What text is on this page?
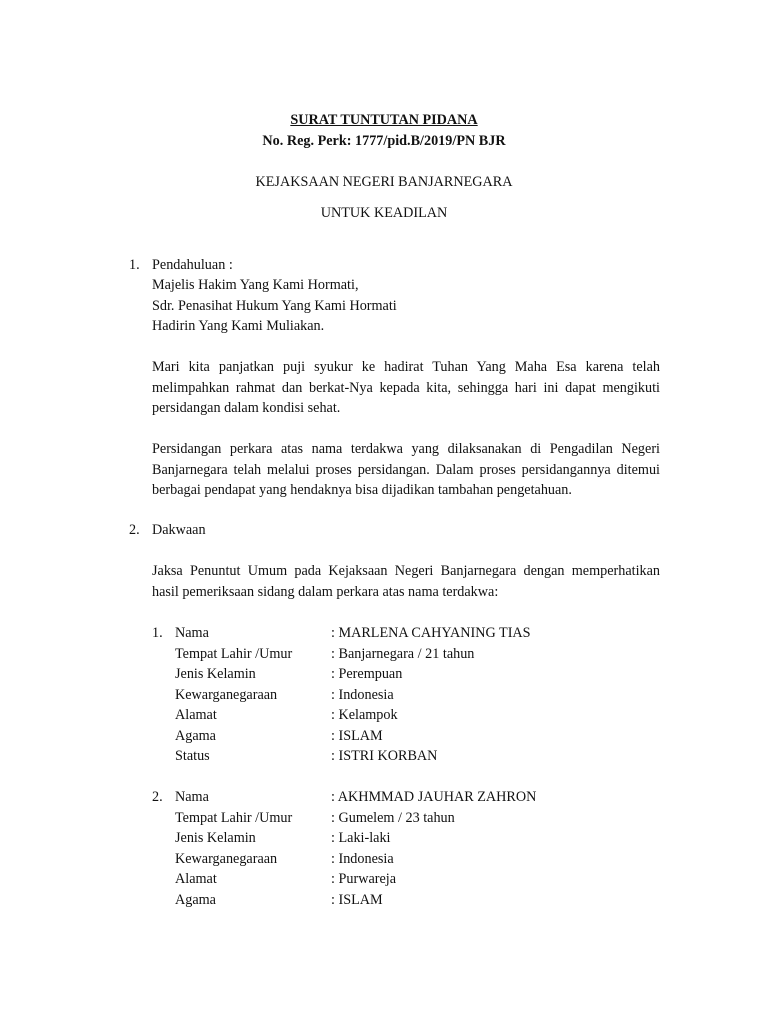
SURAT TUNTUTAN PIDANA
No. Reg. Perk: 1777/pid.B/2019/PN BJR
KEJAKSAAN NEGERI BANJARNEGARA
UNTUK KEADILAN
1. Pendahuluan :
Majelis Hakim Yang Kami Hormati,
Sdr. Penasihat Hukum Yang Kami Hormati
Hadirin Yang Kami Muliakan.

Mari kita panjatkan puji syukur ke hadirat Tuhan Yang Maha Esa karena telah melimpahkan rahmat dan berkat-Nya kepada kita, sehingga hari ini dapat mengikuti persidangan dalam kondisi sehat.

Persidangan perkara atas nama terdakwa yang dilaksanakan di Pengadilan Negeri Banjarnegara telah melalui proses persidangan. Dalam proses persidangannya ditemui berbagai pendapat yang hendaknya bisa dijadikan tambahan pengetahuan.

2. Dakwaan

Jaksa Penuntut Umum pada Kejaksaan Negeri Banjarnegara dengan memperhatikan hasil pemeriksaan sidang dalam perkara atas nama terdakwa:

1. Nama	: MARLENA CAHYANING TIAS
Tempat Lahir /Umur	: Banjarnegara / 21 tahun
Jenis Kelamin	: Perempuan
Kewarganegaraan	: Indonesia
Alamat	: Kelampok
Agama	: ISLAM
Status	: ISTRI KORBAN
2. Nama	: AKHMMAD JAUHAR ZAHRON
Tempat Lahir /Umur	: Gumelem / 23 tahun
Jenis Kelamin	: Laki-laki
Kewarganegaraan	: Indonesia
Alamat	: Purwareja
Agama	: ISLAM
